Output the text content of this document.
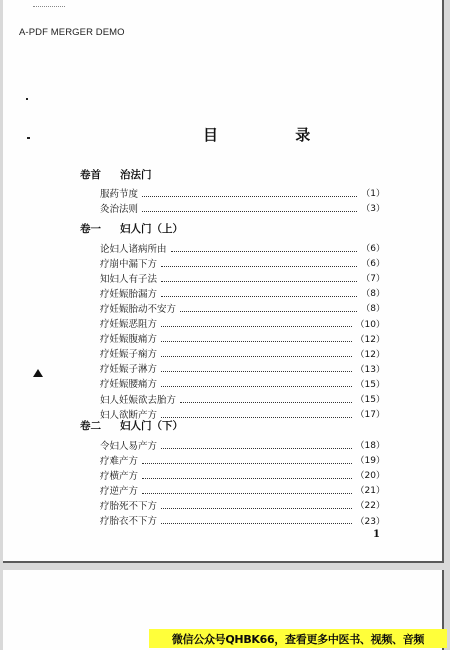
A-PDF MERGER DEMO
目 录
卷首 治法门
服药节度	（1）
灸治法则	（3）
卷一 妇人门（上）
论妇人诸病所由	（6）
疗崩中漏下方	（6）
知妇人有子法	（7）
疗妊娠胎漏方	（8）
疗妊娠胎动不安方	（8）
疗妊娠恶阻方	（10）
疗妊娠腹痛方	（12）
疗妊娠子痫方	（12）
疗妊娠子淋方	（13）
疗妊娠腰痛方	（15）
妇人妊娠欲去胎方	（15）
妇人欲断产方	（17）
卷二 妇人门（下）
令妇人易产方	（18）
疗难产方	（19）
疗横产方	（20）
疗逆产方	（21）
疗胎死不下方	（22）
疗胎衣不下方	（23）
1
微信公众号QHBK66，查看更多中医书、视频、音频
